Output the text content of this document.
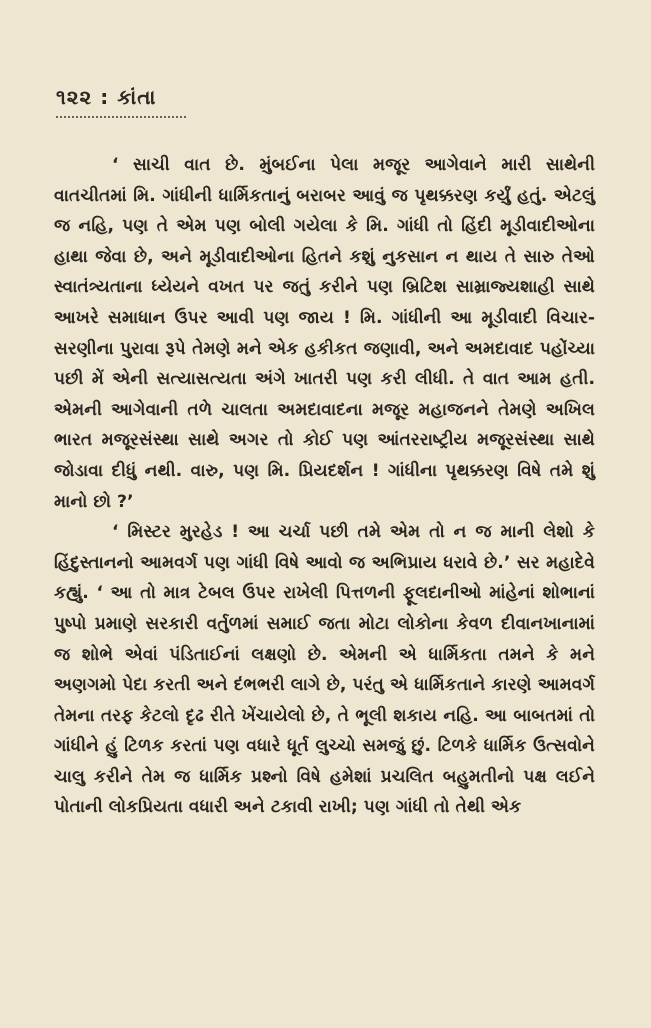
૧૨૨ : કાંતા

‘ સાચી વાત છે. મુંબઈના પેલા મજૂર આગેવાને મારી સાથેની વાતચીતમાં મિ. ગાંધીની ધાર્મિકતાનું બરાબર આવું જ પૃથક્કરણ કર્યું હતું. એટલું જ નહિ, પણ તે એમ પણ બોલી ગયેલા કે મિ. ગાંધી તો હિંદી મૂડીવાદીઓના હાથા જેવા છે, અને મૂડીવાદીઓના હિતને કશું નુકસાન ન થાય તે સારુ તેઓ સ્વાતંત્ર્યતાના ધ્યેયને વખત પર જતું કરીને પણ બ્રિટિશ સામ્રાજ્યશાહી સાથે આખરે સમાધાન ઉપર આવી પણ જાય ! મિ. ગાંધીની આ મૂડીવાદી વિચાર-સરણીના પુરાવા રૂપે તેમણે મને એક હકીકત જણાવી, અને અમદાવાદ પહોંચ્યા પછી મેં એની સત્યાસત્યતા અંગે ખાતરી પણ કરી લીધી. તે વાત આમ હતી. એમની આગેવાની તળે ચાલતા અમદાવાદના મજૂર મહાજનને તેમણે અખિલ ભારત મજૂરસંસ્થા સાથે અગર તો કોઈ પણ આંતરરાષ્ટ્રીય મજૂરસંસ્થા સાથે જોડાવા દીધું નથી. વારુ, પણ મિ. પ્રિયદર્શન ! ગાંધીના પૃથક્કરણ વિષે તમે શું માનો છો ?’

‘ મિસ્ટર મુરહેડ ! આ ચર્ચા પછી તમે એમ તો ન જ માની લેશો કે હિંદુસ્તાનનો આમવર્ગ પણ ગાંધી વિષે આવો જ અભિપ્રાય ધરાવે છે.’ સર મહાદેવે કહ્યું. ‘ આ તો માત્ર ટેબલ ઉપર રાખેલી પિત્તળની ફૂલદાનીઓ માંહેનાં શોભાનાં પુષ્પો પ્રમાણે સરકારી વર્તુળમાં સમાઈ જતા મોટા લોકોના કેવળ દીવાનખાનામાં જ શોભે એવાં પંડિતાઈનાં લક્ષણો છે. એમની એ ધાર્મિકતા તમને કે મને અણગમો પેદા કરતી અને દંભભરી લાગે છે, પરંતુ એ ધાર્મિકતાને કારણે આમવર્ગ તેમના તરફ કેટલો દૃઢ રીતે ખેંચાયેલો છે, તે ભૂલી શકાય નહિ. આ બાબતમાં તો ગાંધીને હું ટિળક કરતાં પણ વધારે ધૂર્ત લુચ્ચો સમજું છું. ટિળકે ધાર્મિક ઉત્સવોને ચાલુ કરીને તેમ જ ધાર્મિક પ્રશ્નો વિષે હમેશાં પ્રચલિત બહુમતીનો પક્ષ લઈને પોતાની લોકપ્રિયતા વધારી અને ટકાવી રાખી; પણ ગાંધી તો તેથી એક
